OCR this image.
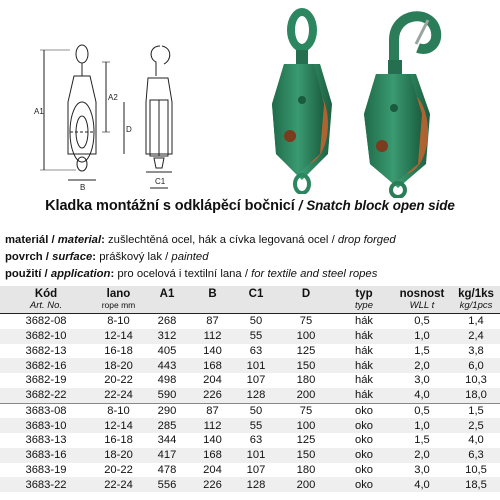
A1
A2
B
C1
D
Kladka montážní s odklápěcí bočnicí / Snatch block open side
materiál / material: zušlechtěná ocel, hák a cívka legovaná ocel / drop forged
povrch / surface: práškový lak / painted
použití / application: pro ocelová i textilní lana / for textile and steel ropes
Kód	lano	A1	B	C1	D	typ	nosnost	kg/1ks
Art. No.	rope mm					type	WLL t	kg/1pcs
3682-08	8-10	268	87	50	75	hák	0,5	1,4
3682-10	12-14	312	112	55	100	hák	1,0	2,4
3682-13	16-18	405	140	63	125	hák	1,5	3,8
3682-16	18-20	443	168	101	150	hák	2,0	6,0
3682-19	20-22	498	204	107	180	hák	3,0	10,3
3682-22	22-24	590	226	128	200	hák	4,0	18,0
3683-08	8-10	290	87	50	75	oko	0,5	1,5
3683-10	12-14	285	112	55	100	oko	1,0	2,5
3683-13	16-18	344	140	63	125	oko	1,5	4,0
3683-16	18-20	417	168	101	150	oko	2,0	6,3
3683-19	20-22	478	204	107	180	oko	3,0	10,5
3683-22	22-24	556	226	128	200	oko	4,0	18,5
